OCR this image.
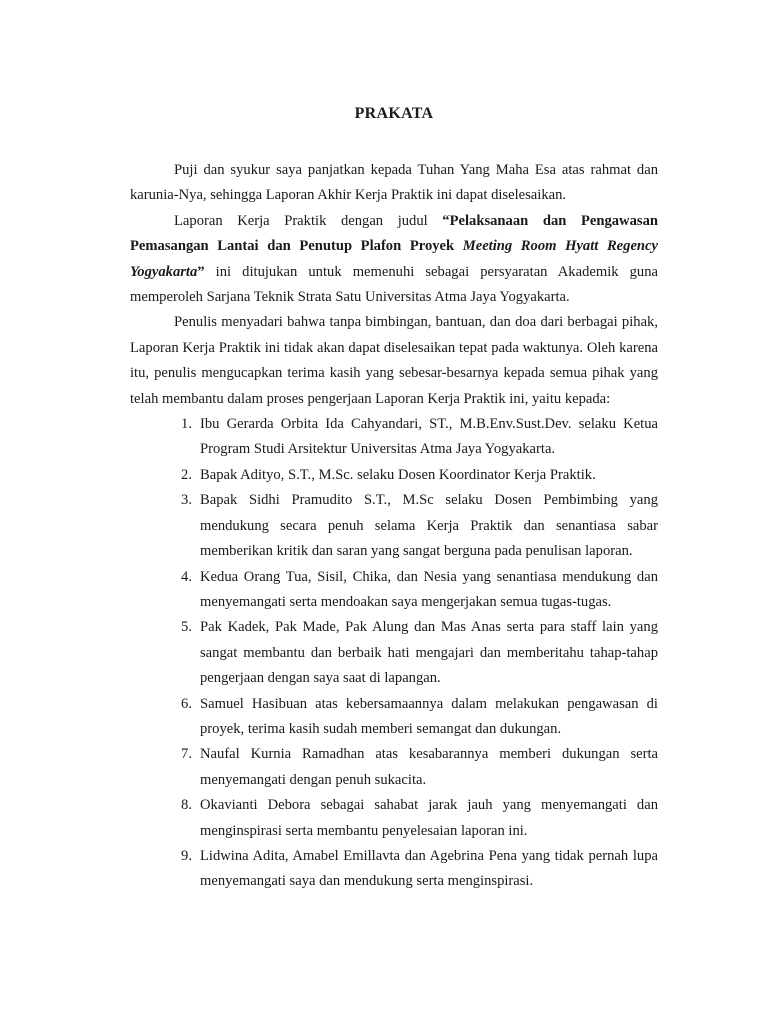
PRAKATA

Puji dan syukur saya panjatkan kepada Tuhan Yang Maha Esa atas rahmat dan karunia-Nya, sehingga Laporan Akhir Kerja Praktik ini dapat diselesaikan.

Laporan Kerja Praktik dengan judul “Pelaksanaan dan Pengawasan Pemasangan Lantai dan Penutup Plafon Proyek Meeting Room Hyatt Regency Yogyakarta” ini ditujukan untuk memenuhi sebagai persyaratan Akademik guna memperoleh Sarjana Teknik Strata Satu Universitas Atma Jaya Yogyakarta.

Penulis menyadari bahwa tanpa bimbingan, bantuan, dan doa dari berbagai pihak, Laporan Kerja Praktik ini tidak akan dapat diselesaikan tepat pada waktunya. Oleh karena itu, penulis mengucapkan terima kasih yang sebesar-besarnya kepada semua pihak yang telah membantu dalam proses pengerjaan Laporan Kerja Praktik ini, yaitu kepada:

1. Ibu Gerarda Orbita Ida Cahyandari, ST., M.B.Env.Sust.Dev. selaku Ketua Program Studi Arsitektur Universitas Atma Jaya Yogyakarta.
2. Bapak Adityo, S.T., M.Sc. selaku Dosen Koordinator Kerja Praktik.
3. Bapak Sidhi Pramudito S.T., M.Sc selaku Dosen Pembimbing yang mendukung secara penuh selama Kerja Praktik dan senantiasa sabar memberikan kritik dan saran yang sangat berguna pada penulisan laporan.
4. Kedua Orang Tua, Sisil, Chika, dan Nesia yang senantiasa mendukung dan menyemangati serta mendoakan saya mengerjakan semua tugas-tugas.
5. Pak Kadek, Pak Made, Pak Alung dan Mas Anas serta para staff lain yang sangat membantu dan berbaik hati mengajari dan memberitahu tahap-tahap pengerjaan dengan saya saat di lapangan.
6. Samuel Hasibuan atas kebersamaannya dalam melakukan pengawasan di proyek, terima kasih sudah memberi semangat dan dukungan.
7. Naufal Kurnia Ramadhan atas kesabarannya memberi dukungan serta menyemangati dengan penuh sukacita.
8. Okavianti Debora sebagai sahabat jarak jauh yang menyemangati dan menginspirasi serta membantu penyelesaian laporan ini.
9. Lidwina Adita, Amabel Emillavta dan Agebrina Pena yang tidak pernah lupa menyemangati saya dan mendukung serta menginspirasi.
